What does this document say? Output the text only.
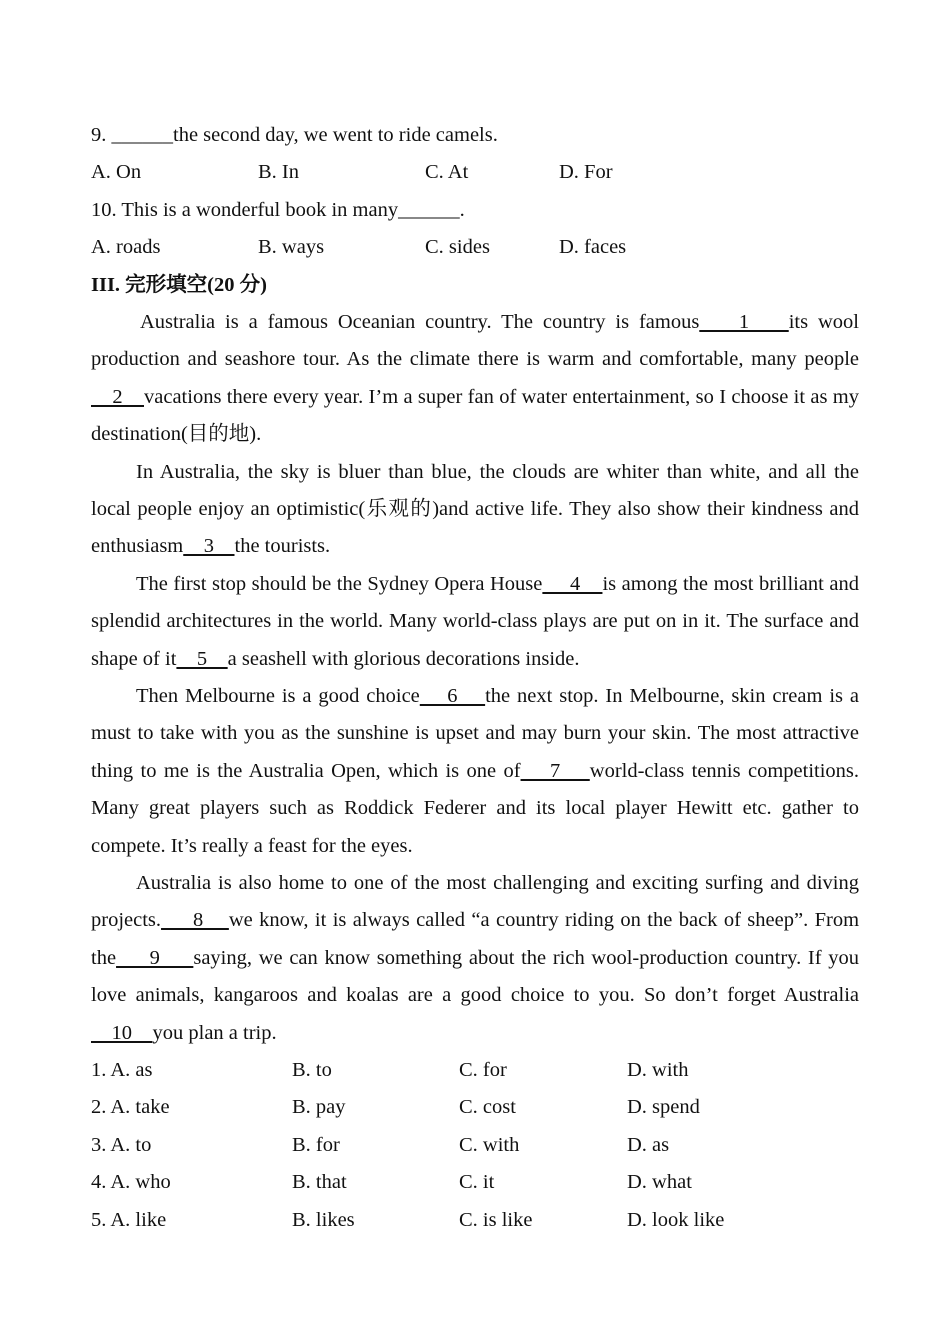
9. ______the second day, we went to ride camels.
A. On	B. In	C. At	D. For
10. This is a wonderful book in many______.
A. roads	B. ways	C. sides	D. faces
III. 完形填空(20 分)

Australia is a famous Oceanian country. The country is famous    1    its wool production and seashore tour. As the climate there is warm and comfortable, many people    2    vacations there every year. I’m a super fan of water entertainment, so I choose it as my destination(目的地).

In Australia, the sky is bluer than blue, the clouds are whiter than white, and all the local people enjoy an optimistic(乐观的)and active life. They also show their kindness and enthusiasm    3    the tourists.

The first stop should be the Sydney Opera House     4    is among the most brilliant and splendid architectures in the world. Many world-class plays are put on in it. The surface and shape of it    5    a seashell with glorious decorations inside.

Then Melbourne is a good choice    6    the next stop. In Melbourne, skin cream is a must to take with you as the sunshine is upset and may burn your skin. The most attractive thing to me is the Australia Open, which is one of    7    world-class tennis competitions. Many great players such as Roddick Federer and its local player Hewitt etc. gather to compete. It’s really a feast for the eyes.

Australia is also home to one of the most challenging and exciting surfing and diving projects.     8    we know, it is always called “a country riding on the back of sheep”. From the     9     saying, we can know something about the rich wool-production country. If you love animals, kangaroos and koalas are a good choice to you. So don’t forget Australia    10    you plan a trip.

1. A. as	B. to	C. for	D. with
2. A. take	B. pay	C. cost	D. spend
3. A. to	B. for	C. with	D. as
4. A. who	B. that	C. it	D. what
5. A. like	B. likes	C. is like	D. look like
